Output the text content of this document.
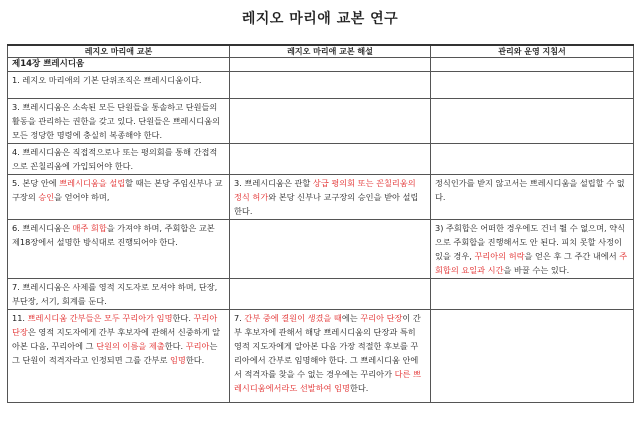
레지오 마리애 교본 연구
레지오 마리애 교본	레지오 마리애 교본 해설	관리와 운영 지침서
제14장 쁘레시디움		
1. 레지오 마리애의 기본 단위조직은 쁘레시디움이다.		
3. 쁘레시디움은 소속된 모든 단원들을 통솔하고 단원들의 활동을 관리하는 권한을 갖고 있다. 단원들은 쁘레시디움의 모든 정당한 명령에 충실히 복종해야 한다.		
4. 쁘레시디움은 직접적으로나 또는 평의회를 통해 간접적으로 꼰칠리움에 가입되어야 한다.		
5. 본당 안에 쁘레시디움을 설립할 때는 본당 주임신부나 교구장의 승인을 얻어야 하며,	3. 쁘레시디움은 관할 상급 평의회 또는 꼰칠리움의 정식 허가와 본당 신부나 교구장의 승인을 받아 설립한다.	정식인가를 받지 않고서는 쁘레시디움을 설립할 수 없다.
6. 쁘레시디움은 매주 회합을 가져야 하며, 주회합은 교본 제18장에서 설명한 방식대로 진행되어야 한다.		3) 주회합은 어떠한 경우에도 건너 뛸 수 없으며, 약식으로 주회합을 진행해서도 안 된다. 피치 못할 사정이 있을 경우, 꾸리아의 허락을 얻은 후 그 주간 내에서 주회합의 요일과 시간을 바꿀 수는 있다.
7. 쁘레시디움은 사제를 영적 지도자로 모셔야 하며, 단장, 부단장, 서기, 회계를 둔다.		
11. 쁘레시디움 간부들은 모두 꾸리아가 임명한다. 꾸리아 단장은 영적 지도자에게 간부 후보자에 관해서 신중하게 알아본 다음, 꾸리아에 그 단원의 이름을 제출한다. 꾸리아는 그 단원이 적격자라고 인정되면 그를 간부로 임명한다.	7. 간부 중에 결원이 생겼을 때에는 꾸리아 단장이 간부 후보자에 관해서 해당 쁘레시디움의 단장과 특히 영적 지도자에게 알아본 다음 가장 적절한 후보를 꾸리아에서 간부로 임명해야 한다. 그 쁘레시디움 안에서 적격자를 찾을 수 없는 경우에는 꾸리아가 다른 쁘레시디움에서라도 선발하여 임명한다.	
